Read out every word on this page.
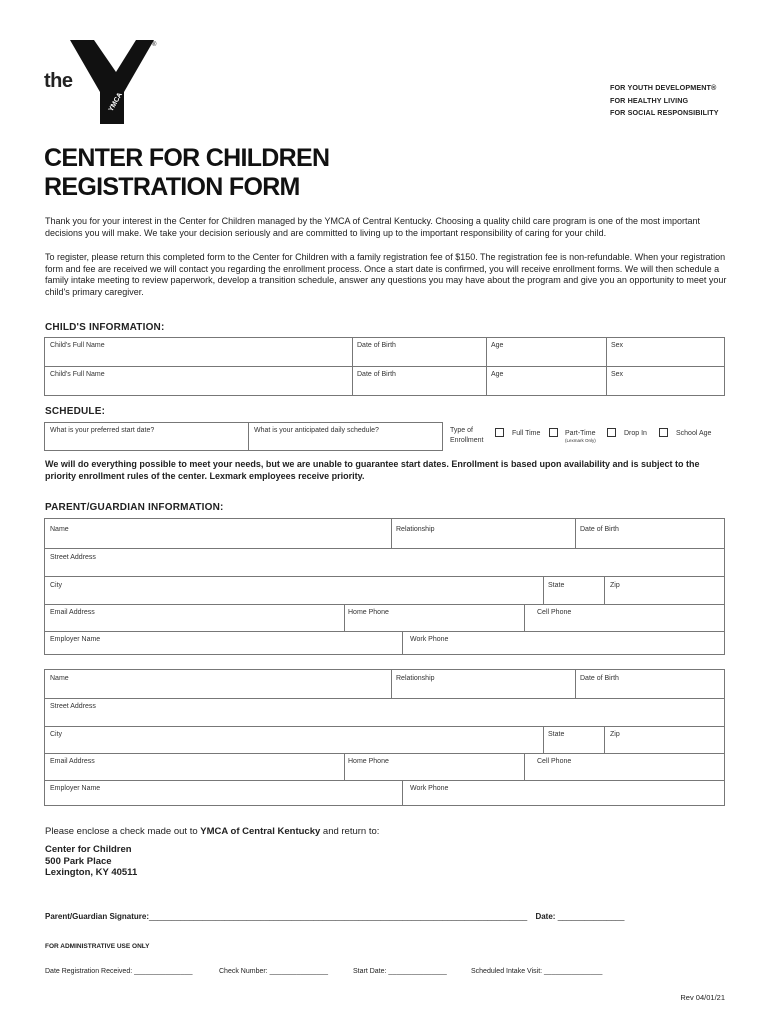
the
YMCA
®
FOR YOUTH DEVELOPMENT®
FOR HEALTHY LIVING
FOR SOCIAL RESPONSIBILITY
CENTER FOR CHILDREN
REGISTRATION FORM

Thank you for your interest in the Center for Children managed by the YMCA of Central Kentucky. Choosing a quality child care program is one of the most important decisions you will make. We take your decision seriously and are committed to living up to the important responsibility of caring for your child.

To register, please return this completed form to the Center for Children with a family registration fee of $150. The registration fee is non-refundable. When your registration form and fee are received we will contact you regarding the enrollment process. Once a start date is confirmed, you will receive enrollment forms. We will then schedule a family intake meeting to review paperwork, develop a transition schedule, answer any questions you may have about the program and give you an opportunity to meet your child's primary caregiver.

CHILD'S INFORMATION:
Child's Full Name	Date of Birth	Age	Sex
Child's Full Name	Date of Birth	Age	Sex
SCHEDULE:
What is your preferred start date?	What is your anticipated daily schedule?	Type of
Enrollment
Full Time	Part-Time
(Lexmark Only)
Drop In	School Age

We will do everything possible to meet your needs, but we are unable to guarantee start dates. Enrollment is based upon availability and is subject to the priority enrollment rules of the center. Lexmark employees receive priority.

PARENT/GUARDIAN INFORMATION:
Name	Relationship	Date of Birth
Street Address
City	State	Zip
Email Address	Home Phone	Cell Phone
Employer Name	Work Phone
Name	Relationship	Date of Birth
Street Address
City	State	Zip
Email Address	Home Phone	Cell Phone
Employer Name	Work Phone
Please enclose a check made out to YMCA of Central Kentucky and return to:
Center for Children
500 Park Place
Lexington, KY 40511
Parent/Guardian Signature:_____________________________________________________________________________________ Date: _______________
FOR ADMINISTRATIVE USE ONLY
Date Registration Received: _______________	Check Number: _______________	Start Date: _______________	Scheduled Intake Visit: _______________
Rev 04/01/21
